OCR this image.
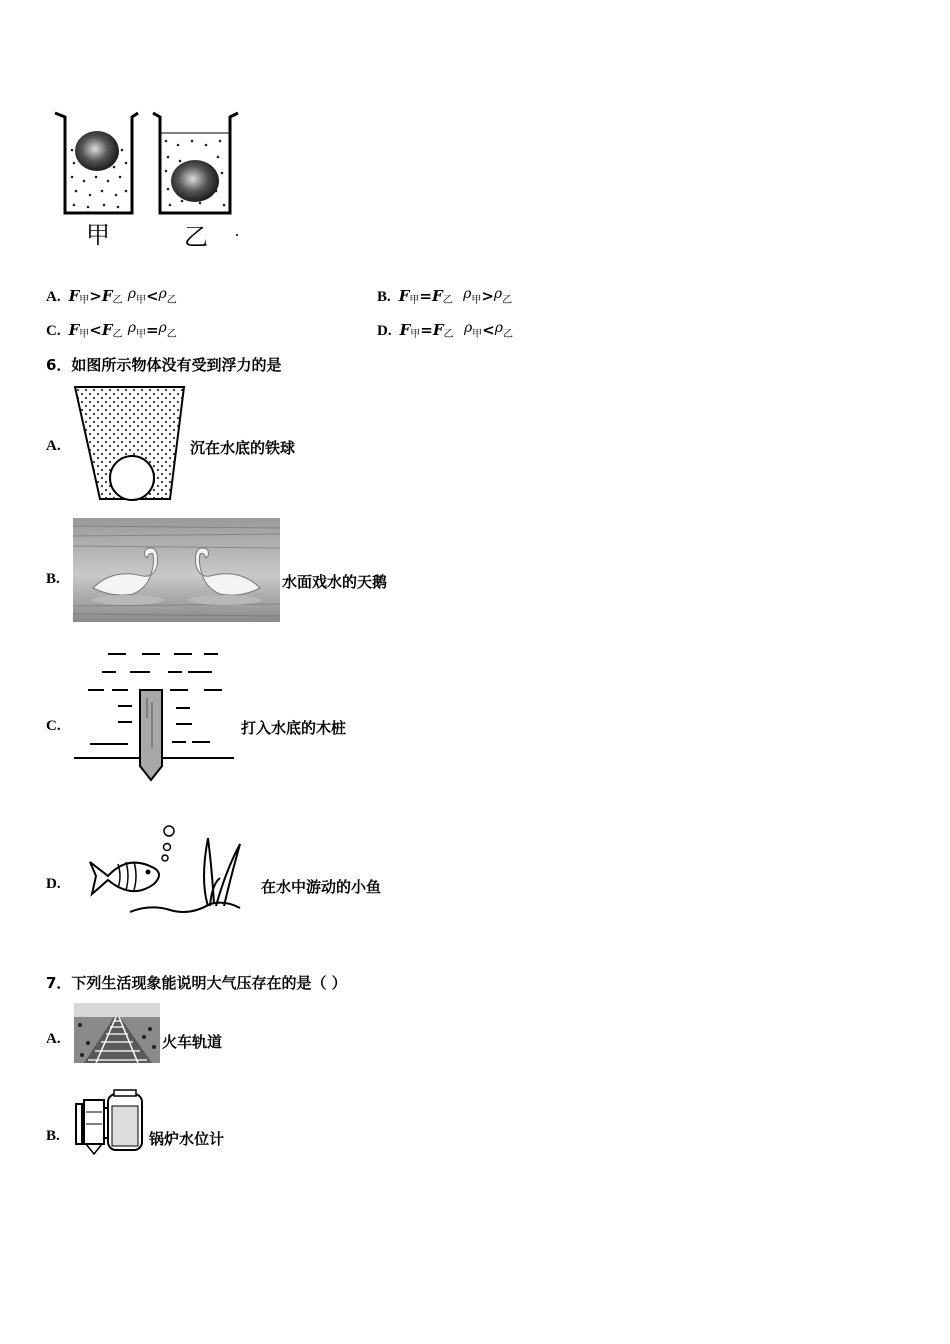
甲	乙
A. $F_甲>F_乙$ $\rho_甲<\rho_乙$	B. $F_甲=F_乙$ $\rho_甲>\rho_乙$
C. $F_甲<F_乙$ $\rho_甲=\rho_乙$	D. $F_甲=F_乙$ $\rho_甲<\rho_乙$
6．如图所示物体没有受到浮力的是
A.	沉在水底的铁球
B.	水面戏水的天鹅
C.	打入水底的木桩
D.	在水中游动的小鱼
7．下列生活现象能说明大气压存在的是（ ）
A.	火车轨道
B.	锅炉水位计
